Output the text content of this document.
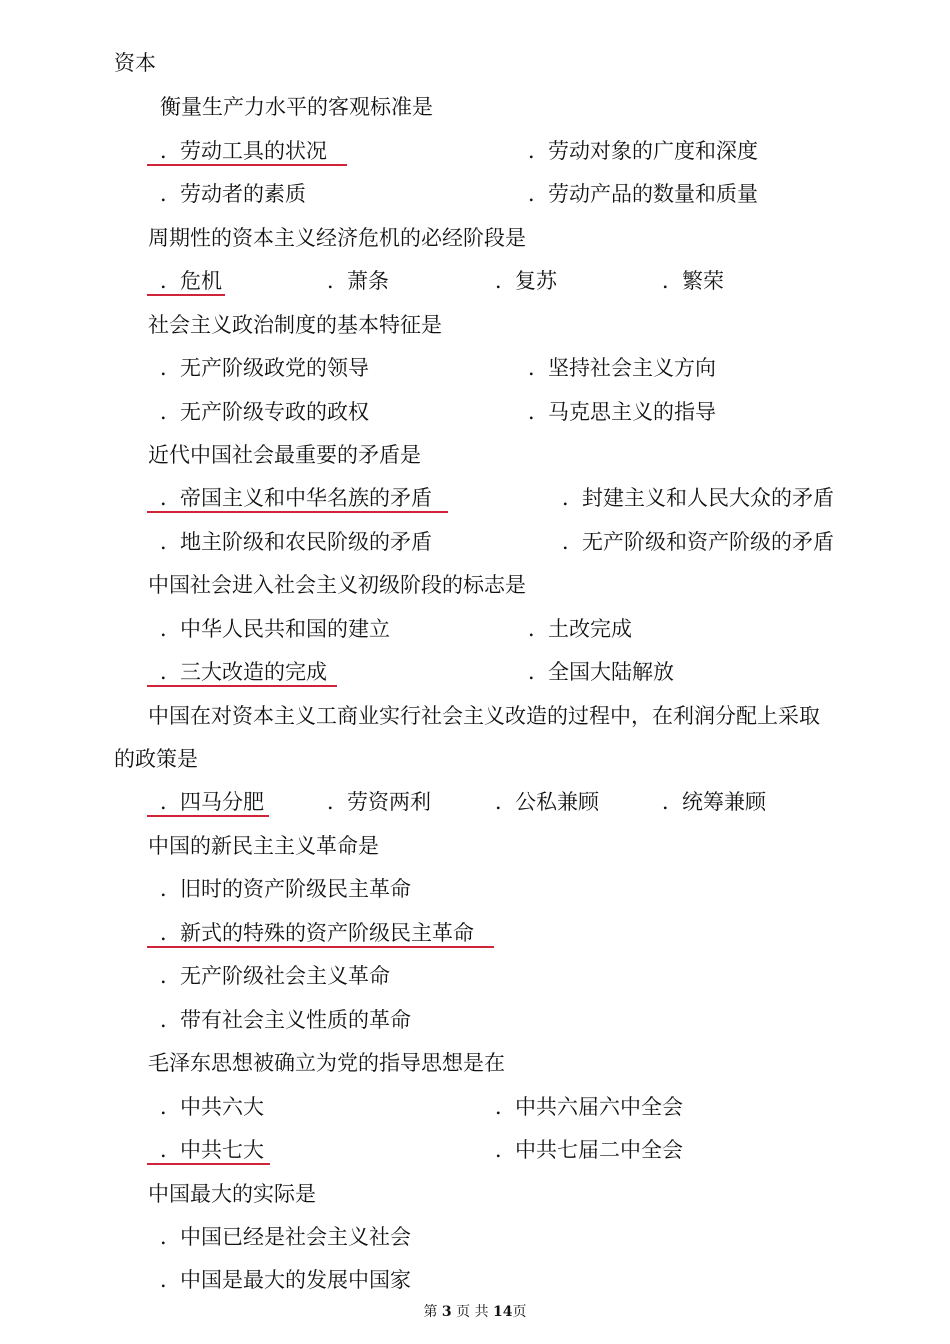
资本
衡量生产力水平的客观标准是
．劳动工具的状况	．劳动对象的广度和深度
．劳动者的素质	．劳动产品的数量和质量
周期性的资本主义经济危机的必经阶段是
．危机	．萧条	．复苏	．繁荣
社会主义政治制度的基本特征是
．无产阶级政党的领导	．坚持社会主义方向
．无产阶级专政的政权	．马克思主义的指导
近代中国社会最重要的矛盾是
．帝国主义和中华名族的矛盾	．封建主义和人民大众的矛盾
．地主阶级和农民阶级的矛盾	．无产阶级和资产阶级的矛盾
中国社会进入社会主义初级阶段的标志是
．中华人民共和国的建立	．土改完成
．三大改造的完成	．全国大陆解放
中国在对资本主义工商业实行社会主义改造的过程中，在利润分配上采取
的政策是
．四马分肥	．劳资两利	．公私兼顾	．统筹兼顾
中国的新民主主义革命是
．旧时的资产阶级民主革命
．新式的特殊的资产阶级民主革命
．无产阶级社会主义革命
．带有社会主义性质的革命
毛泽东思想被确立为党的指导思想是在
．中共六大	．中共六届六中全会
．中共七大	．中共七届二中全会
中国最大的实际是
．中国已经是社会主义社会
．中国是最大的发展中国家
第 3 页 共 14页
